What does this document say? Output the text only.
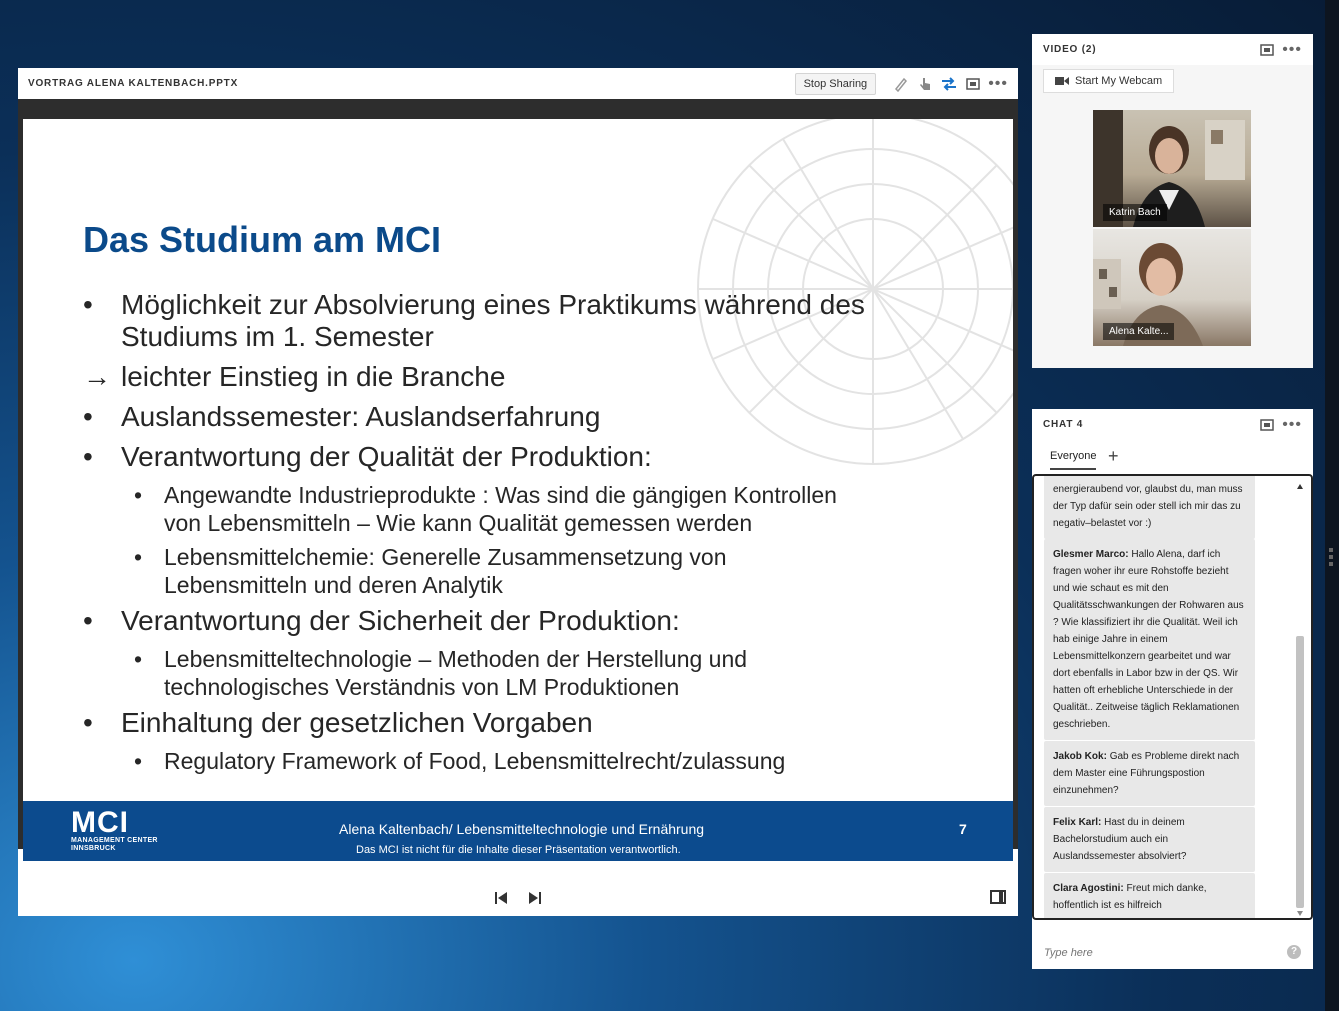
VORTRAG ALENA KALTENBACH.PPTX	Stop Sharing	•••
Das Studium am MCI
•	Möglichkeit zur Absolvierung eines Praktikums während des
Studiums im 1. Semester
→ leichter Einstieg in die Branche
•	Auslandssemester: Auslandserfahrung
•	Verantwortung der Qualität der Produktion:
• Angewandte Industrieprodukte : Was sind die gängigen Kontrollen
von Lebensmitteln – Wie kann Qualität gemessen werden
• Lebensmittelchemie: Generelle Zusammensetzung von
Lebensmitteln und deren Analytik
•	Verantwortung der Sicherheit der Produktion:
• Lebensmitteltechnologie – Methoden der Herstellung und
technologisches Verständnis von LM Produktionen
•	Einhaltung der gesetzlichen Vorgaben
• Regulatory Framework of Food, Lebensmittelrecht/zulassung
MCI
MANAGEMENT CENTER
INNSBRUCK
Alena Kaltenbach/ Lebensmitteltechnologie und Ernährung
Das MCI ist nicht für die Inhalte dieser Präsentation verantwortlich.
7
VIDEO (2)	•••
Start My Webcam
Katrin Bach
Alena Kalte...
CHAT 4	•••
Everyone +
energieraubend vor, glaubst du, man muss der Typ dafür sein oder stell ich mir das zu negativ–belastet vor :)
Glesmer Marco: Hallo Alena, darf ich fragen woher ihr eure Rohstoffe bezieht und wie schaut es mit den Qualitätsschwankungen der Rohwaren aus ? Wie klassifiziert ihr die Qualität. Weil ich hab einige Jahre in einem Lebensmittelkonzern gearbeitet und war dort ebenfalls in Labor bzw in der QS. Wir hatten oft erhebliche Unterschiede in der Qualität.. Zeitweise täglich Reklamationen geschrieben.
Jakob Kok: Gab es Probleme direkt nach dem Master eine Führungspostion einzunehmen?
Felix Karl: Hast du in deinem Bachelorstudium auch ein Auslandssemester absolviert?
Clara Agostini: Freut mich danke, hoffentlich ist es hilfreich
Type here
?
